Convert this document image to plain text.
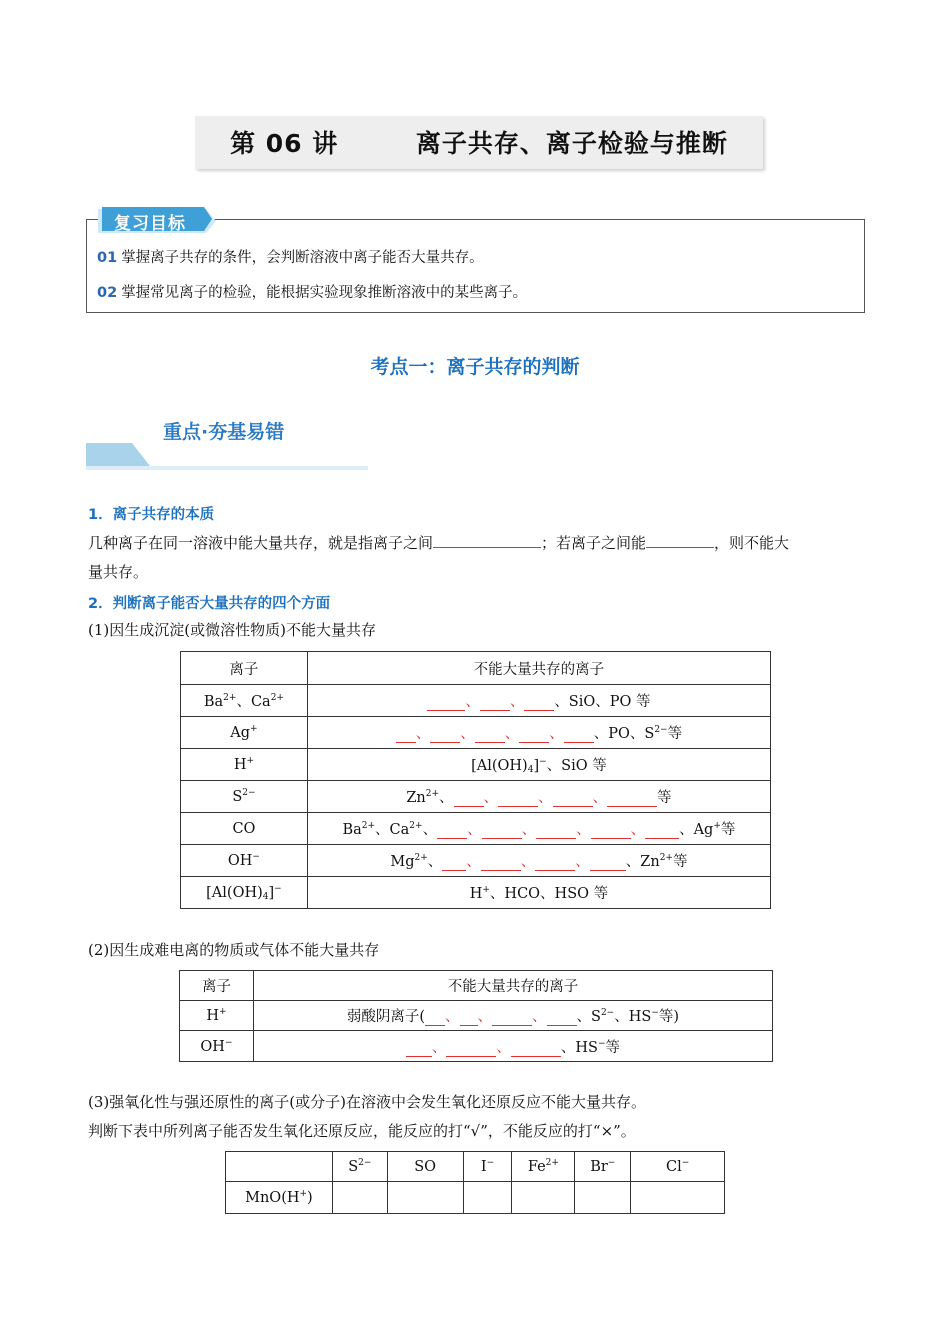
第 06 讲	离子共存、离子检验与推断
复习目标
01 掌握离子共存的条件，会判断溶液中离子能否大量共存。
02 掌握常见离子的检验，能根据实验现象推断溶液中的某些离子。
考点一：离子共存的判断
重点·夯基易错
1．离子共存的本质
几种离子在同一溶液中能大量共存，就是指离子之间	；若离子之间能	，则不能大
量共存。
2．判断离子能否大量共存的四个方面
(1)因生成沉淀(或微溶性物质)不能大量共存
离子	不能大量共存的离子
$Ba^{2+}$、$Ca^{2+}$	、 、 、SiO、PO 等
Ag+	、 、 、 、 、PO、$S^{2-}$等
H+	$[Al(OH)_4]^-$、SiO 等
$S^{2-}$	$Zn^{2+}$、 、 、 、 等
CO	$Ba^{2+}$、$Ca^{2+}$、 、 、 、 、 、Ag+等
OH−	$Mg^{2+}$、 、 、 、 、$Zn^{2+}$等
$[Al(OH)_4]^-$	H+、HCO、HSO 等
(2)因生成难电离的物质或气体不能大量共存
离子	不能大量共存的离子
H+	弱酸阴离子( 、 、 、 、$S^{2-}$、HS−等)
OH−	、 、 、HS−等
(3)强氧化性与强还原性的离子(或分子)在溶液中会发生氧化还原反应不能大量共存。
判断下表中所列离子能否发生氧化还原反应，能反应的打“√”，不能反应的打“×”。
	$S^{2-}$	SO	I−	$Fe^{2+}$	Br−	Cl−
MnO(H+)						
